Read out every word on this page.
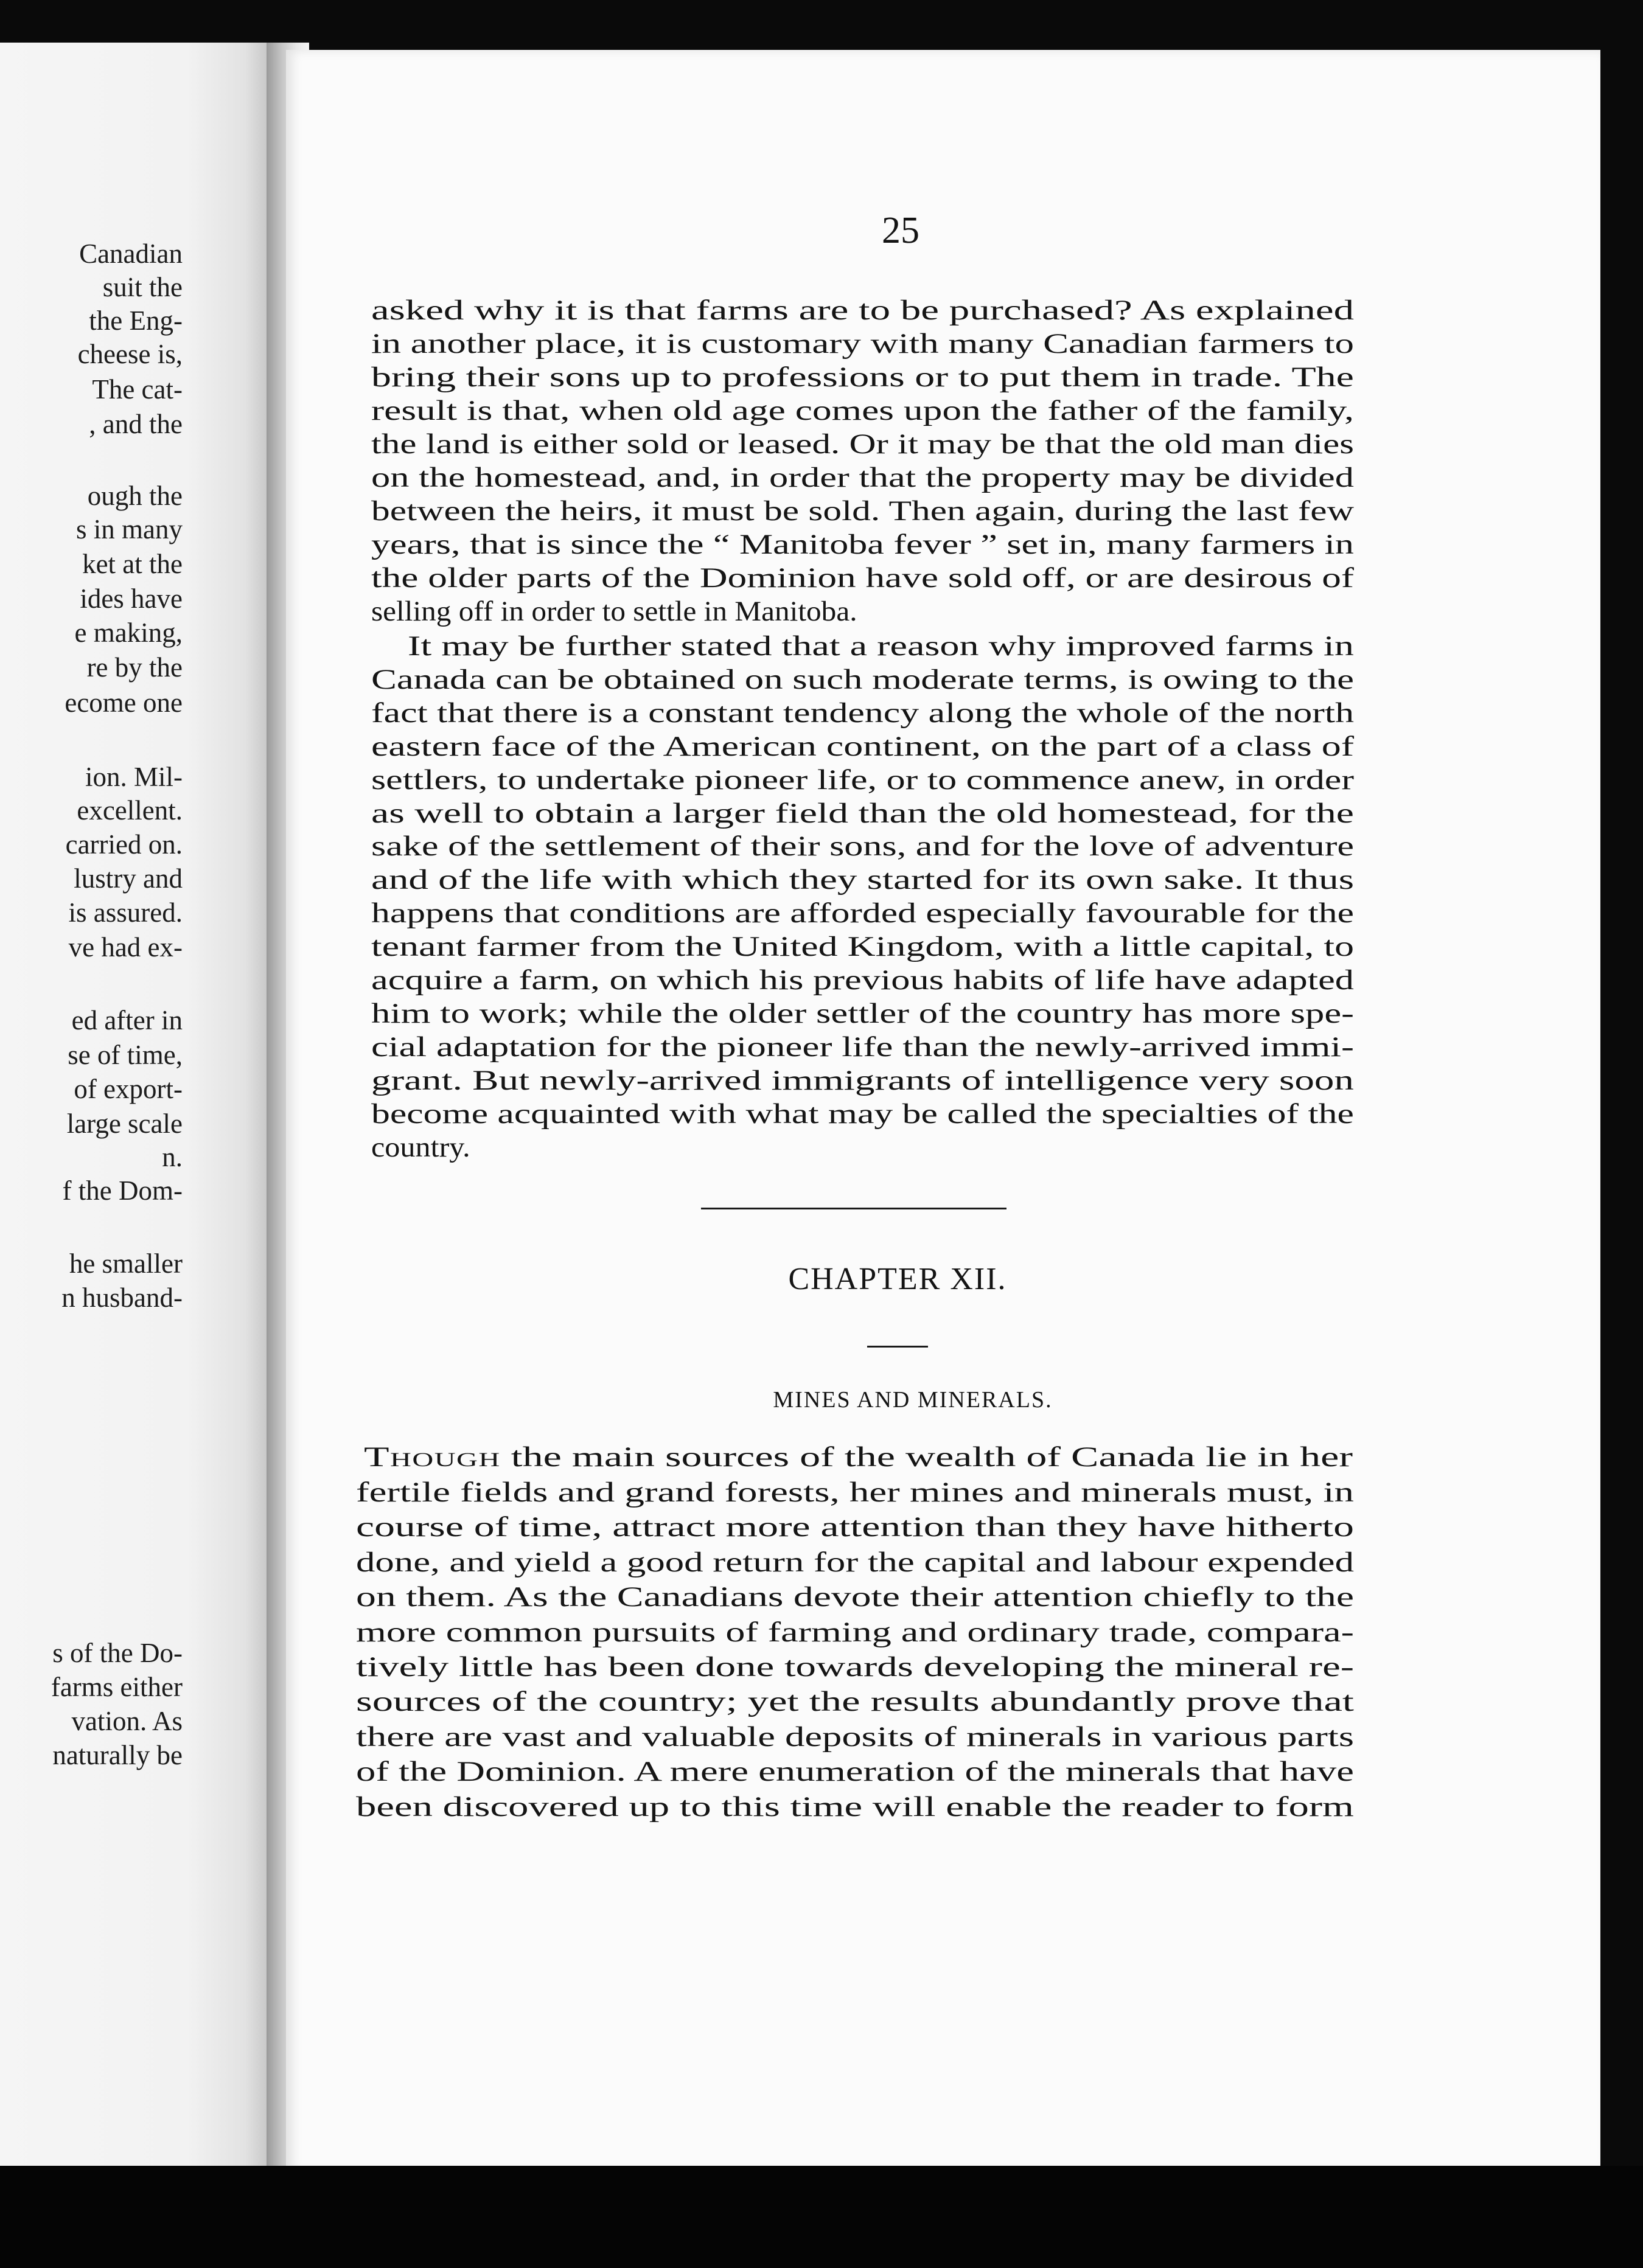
Canadian
suit the
the Eng-
cheese is,
The cat-
, and the
ough the
s in many
ket at the
ides have
e making,
re by the
ecome one
ion. Mil-
excellent.
carried on.
lustry and
is assured.
ve had ex-
ed after in
se of time,
of export-
large scale
n.
f the Dom-
he smaller
n husband-
s of the Do-
farms either
vation. As
naturally be
25
asked why it is that farms are to be purchased? As explained
in another place, it is customary with many Canadian farmers to
bring their sons up to professions or to put them in trade. The
result is that, when old age comes upon the father of the family,
the land is either sold or leased. Or it may be that the old man dies
on the homestead, and, in order that the property may be divided
between the heirs, it must be sold. Then again, during the last few
years, that is since the “ Manitoba fever ” set in, many farmers in
the older parts of the Dominion have sold off, or are desirous of
selling off in order to settle in Manitoba.
It may be further stated that a reason why improved farms in
Canada can be obtained on such moderate terms, is owing to the
fact that there is a constant tendency along the whole of the north
eastern face of the American continent, on the part of a class of
settlers, to undertake pioneer life, or to commence anew, in order
as well to obtain a larger field than the old homestead, for the
sake of the settlement of their sons, and for the love of adventure
and of the life with which they started for its own sake. It thus
happens that conditions are afforded especially favourable for the
tenant farmer from the United Kingdom, with a little capital, to
acquire a farm, on which his previous habits of life have adapted
him to work; while the older settler of the country has more spe-
cial adaptation for the pioneer life than the newly-arrived immi-
grant. But newly-arrived immigrants of intelligence very soon
become acquainted with what may be called the specialties of the
country.
Though the main sources of the wealth of Canada lie in her
fertile fields and grand forests, her mines and minerals must, in
course of time, attract more attention than they have hitherto
done, and yield a good return for the capital and labour expended
on them. As the Canadians devote their attention chiefly to the
more common pursuits of farming and ordinary trade, compara-
tively little has been done towards developing the mineral re-
sources of the country; yet the results abundantly prove that
there are vast and valuable deposits of minerals in various parts
of the Dominion. A mere enumeration of the minerals that have
been discovered up to this time will enable the reader to form
CHAPTER XII.
MINES AND MINERALS.
